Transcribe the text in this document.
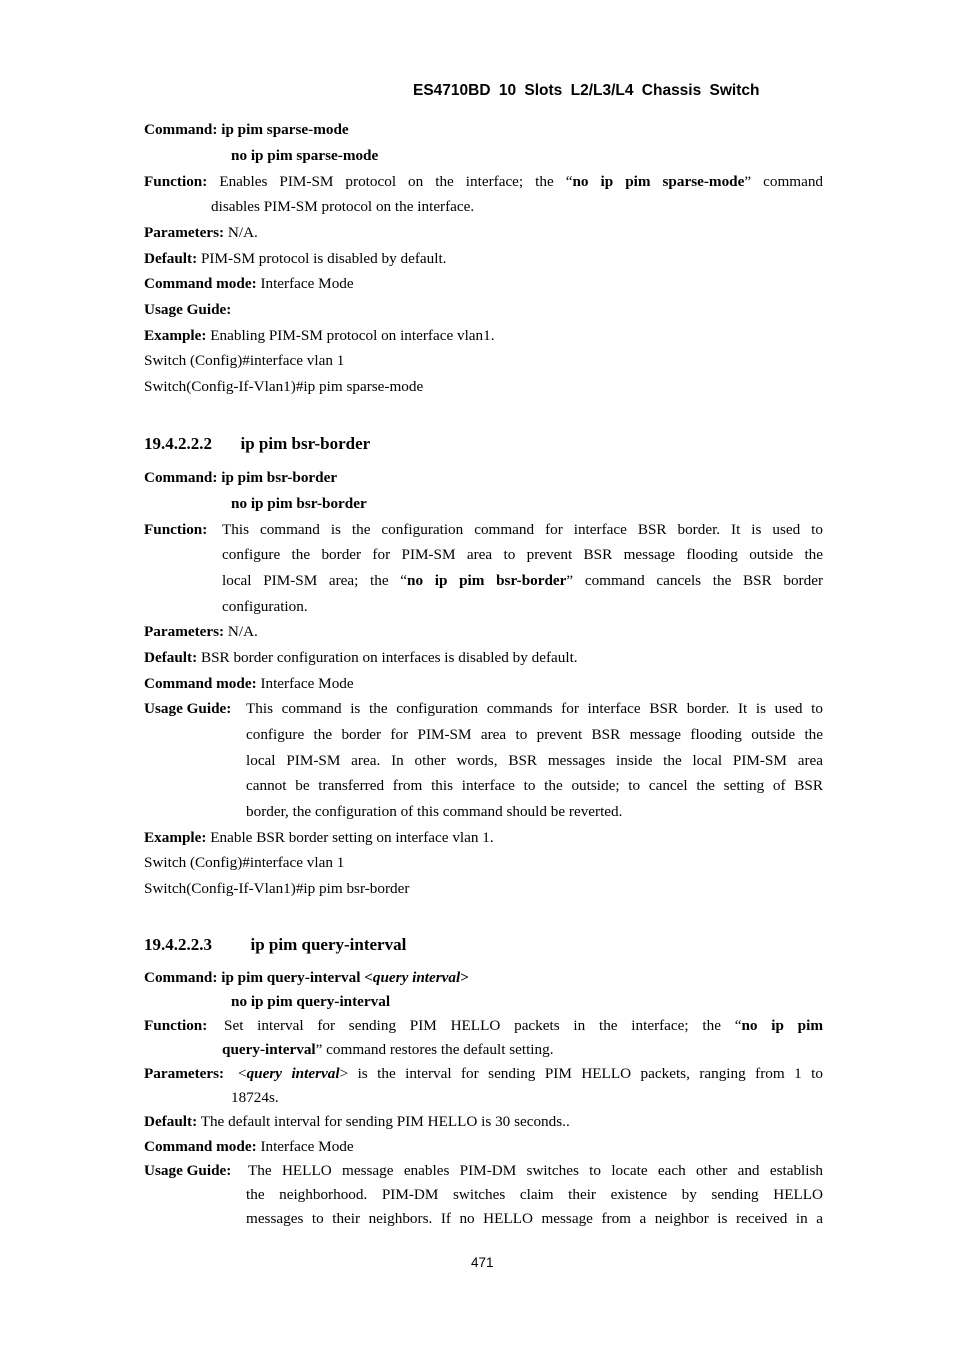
ES4710BD 10 Slots L2/L3/L4 Chassis Switch
Command: ip pim sparse-mode
no ip pim sparse-mode
Function: Enables PIM-SM protocol on the interface; the “no ip pim sparse-mode” command
disables PIM-SM protocol on the interface.
Parameters: N/A.
Default: PIM-SM protocol is disabled by default.
Command mode: Interface Mode
Usage Guide:
Example: Enabling PIM-SM protocol on interface vlan1.
Switch (Config)#interface vlan 1
Switch(Config-If-Vlan1)#ip pim sparse-mode
19.4.2.2.2 ip pim bsr-border
Command: ip pim bsr-border
no ip pim bsr-border
Function: This command is the configuration command for interface BSR border. It is used to
configure the border for PIM-SM area to prevent BSR message flooding outside the
local PIM-SM area; the “no ip pim bsr-border” command cancels the BSR border
configuration.
Parameters: N/A.
Default: BSR border configuration on interfaces is disabled by default.
Command mode: Interface Mode
Usage Guide: This command is the configuration commands for interface BSR border. It is used to
configure the border for PIM-SM area to prevent BSR message flooding outside the
local PIM-SM area. In other words, BSR messages inside the local PIM-SM area
cannot be transferred from this interface to the outside; to cancel the setting of BSR
border, the configuration of this command should be reverted.
Example: Enable BSR border setting on interface vlan 1.
Switch (Config)#interface vlan 1
Switch(Config-If-Vlan1)#ip pim bsr-border
19.4.2.2.3 ip pim query-interval
Command: ip pim query-interval <query interval>
no ip pim query-interval
Function: Set interval for sending PIM HELLO packets in the interface; the “no ip pim
query-interval” command restores the default setting.
Parameters: <query interval> is the interval for sending PIM HELLO packets, ranging from 1 to
18724s.
Default: The default interval for sending PIM HELLO is 30 seconds..
Command mode: Interface Mode
Usage Guide: The HELLO message enables PIM-DM switches to locate each other and establish
the neighborhood. PIM-DM switches claim their existence by sending HELLO
messages to their neighbors. If no HELLO message from a neighbor is received in a
471
